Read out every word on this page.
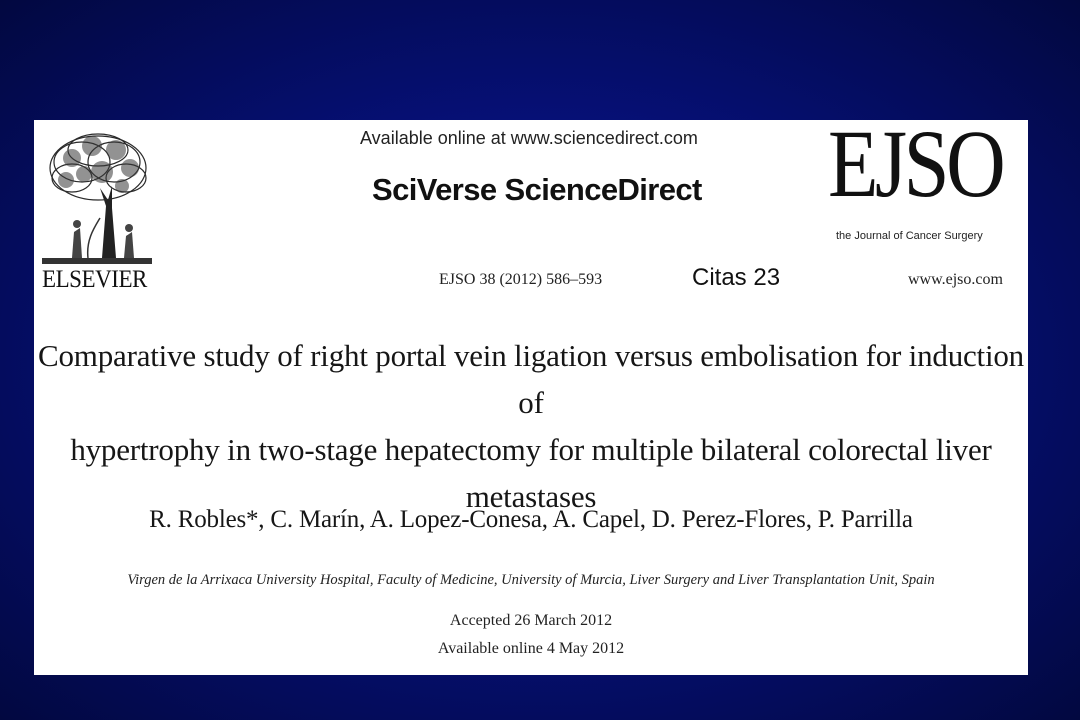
ELSEVIER
Available online at www.sciencedirect.com
SciVerse ScienceDirect EJSO
the Journal of Cancer Surgery
EJSO 38 (2012) 586–593	Citas 23	www.ejso.com
Comparative study of right portal vein ligation versus embolisation for induction of
hypertrophy in two-stage hepatectomy for multiple bilateral colorectal liver
metastases
R. Robles*, C. Marín, A. Lopez-Conesa, A. Capel, D. Perez-Flores, P. Parrilla
Virgen de la Arrixaca University Hospital, Faculty of Medicine, University of Murcia, Liver Surgery and Liver Transplantation Unit, Spain
Accepted 26 March 2012
Available online 4 May 2012
